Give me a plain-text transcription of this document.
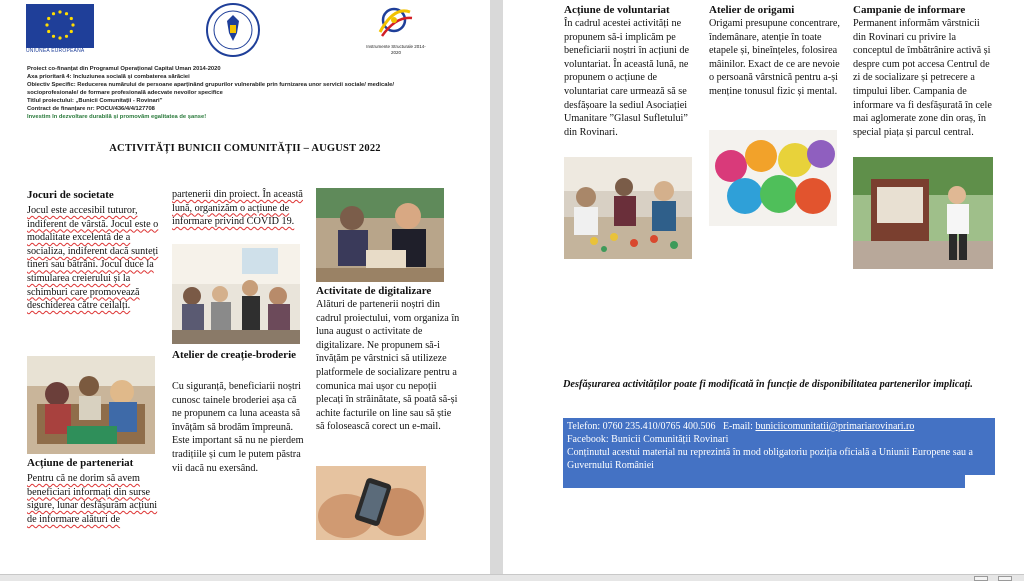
UNIUNEA EUROPEANĂ
Instrumente Structurale 2014-2020
Proiect co-finanțat din Programul Operațional Capital Uman 2014-2020
Axa prioritară 4: Incluziunea socială și combaterea sărăciei
Obiectiv Specific: Reducerea numărului de persoane aparținând grupurilor vulnerabile prin furnizarea unor servicii sociale/ medicale/
socioprofesionale/ de formare profesională adecvate nevoilor specifice
Titlul proiectului: „Bunicii Comunitații - Rovinari”
Contract de finanțare nr: POCU/436/4/4/127708
Investim în dezvoltare durabilă și promovăm egalitatea de șanse!
ACTIVITĂȚI BUNICII COMUNITĂȚII – AUGUST 2022
Jocuri de societate
Jocul este accesibil tuturor, indiferent de vârstă. Jocul este o modalitate excelentă de a socializa, indiferent dacă sunteți tineri sau bătrâni. Jocul duce la stimularea creierului și la schimburi care promovează deschiderea către ceilalți.
Acțiune de parteneriat
Pentru că ne dorim să avem beneficiari informați din surse sigure, lunar desfășurăm acțiuni de informare alături de
partenerii din proiect. În această lună, organizăm o acțiune de informare privind COVID 19.
Atelier de creație-broderie
Cu siguranță, beneficiarii noștri cunosc tainele broderiei așa că ne propunem ca luna aceasta să învățăm să brodăm împreună. Este important să nu ne pierdem tradițiile și cum le putem păstra vii dacă nu exersând.
Activitate de digitalizare
Alături de partenerii noștri din cadrul proiectului, vom organiza în luna august o activitate de digitalizare. Ne propunem să-i învățăm pe vârstnici să utilizeze platformele de socializare pentru a comunica mai ușor cu nepoții plecați în străinătate, să poată să-și achite facturile on line sau să știe să folosească corect un e-mail.
Acțiune de voluntariat
În cadrul acestei activități ne propunem să-i implicăm pe beneficiarii noștri în acțiuni de voluntariat. În această lună, ne propunem o acțiune de voluntariat care urmează să se desfășoare la sediul Asociației Umanitare ”Glasul Sufletului” din Rovinari.
Atelier de origami
Origami presupune concentrare, îndemânare, atenție în toate etapele și, bineînțeles, folosirea mâinilor. Exact de ce are nevoie o persoană vârstnică pentru a-și menține tonusul fizic și mental.
Campanie de informare
Permanent informăm vârstnicii din Rovinari cu privire la conceptul de îmbătrânire activă și despre cum pot accesa Centrul de zi de socializare și petrecere a timpului liber. Campania de informare va fi desfășurată în cele mai aglomerate zone din oraș, în special piața și parcul central.
Desfășurarea activităților poate fi modificată în funcție de disponibilitatea partenerilor implicați.
Telefon: 0760 235.410/0765 400.506 E-mail: buniciicomunitatii@primariarovinari.ro
Facebook: Bunicii Comunității Rovinari
Conținutul acestui material nu reprezintă în mod obligatoriu poziția oficială a Uniunii Europene sau a Guvernului României
